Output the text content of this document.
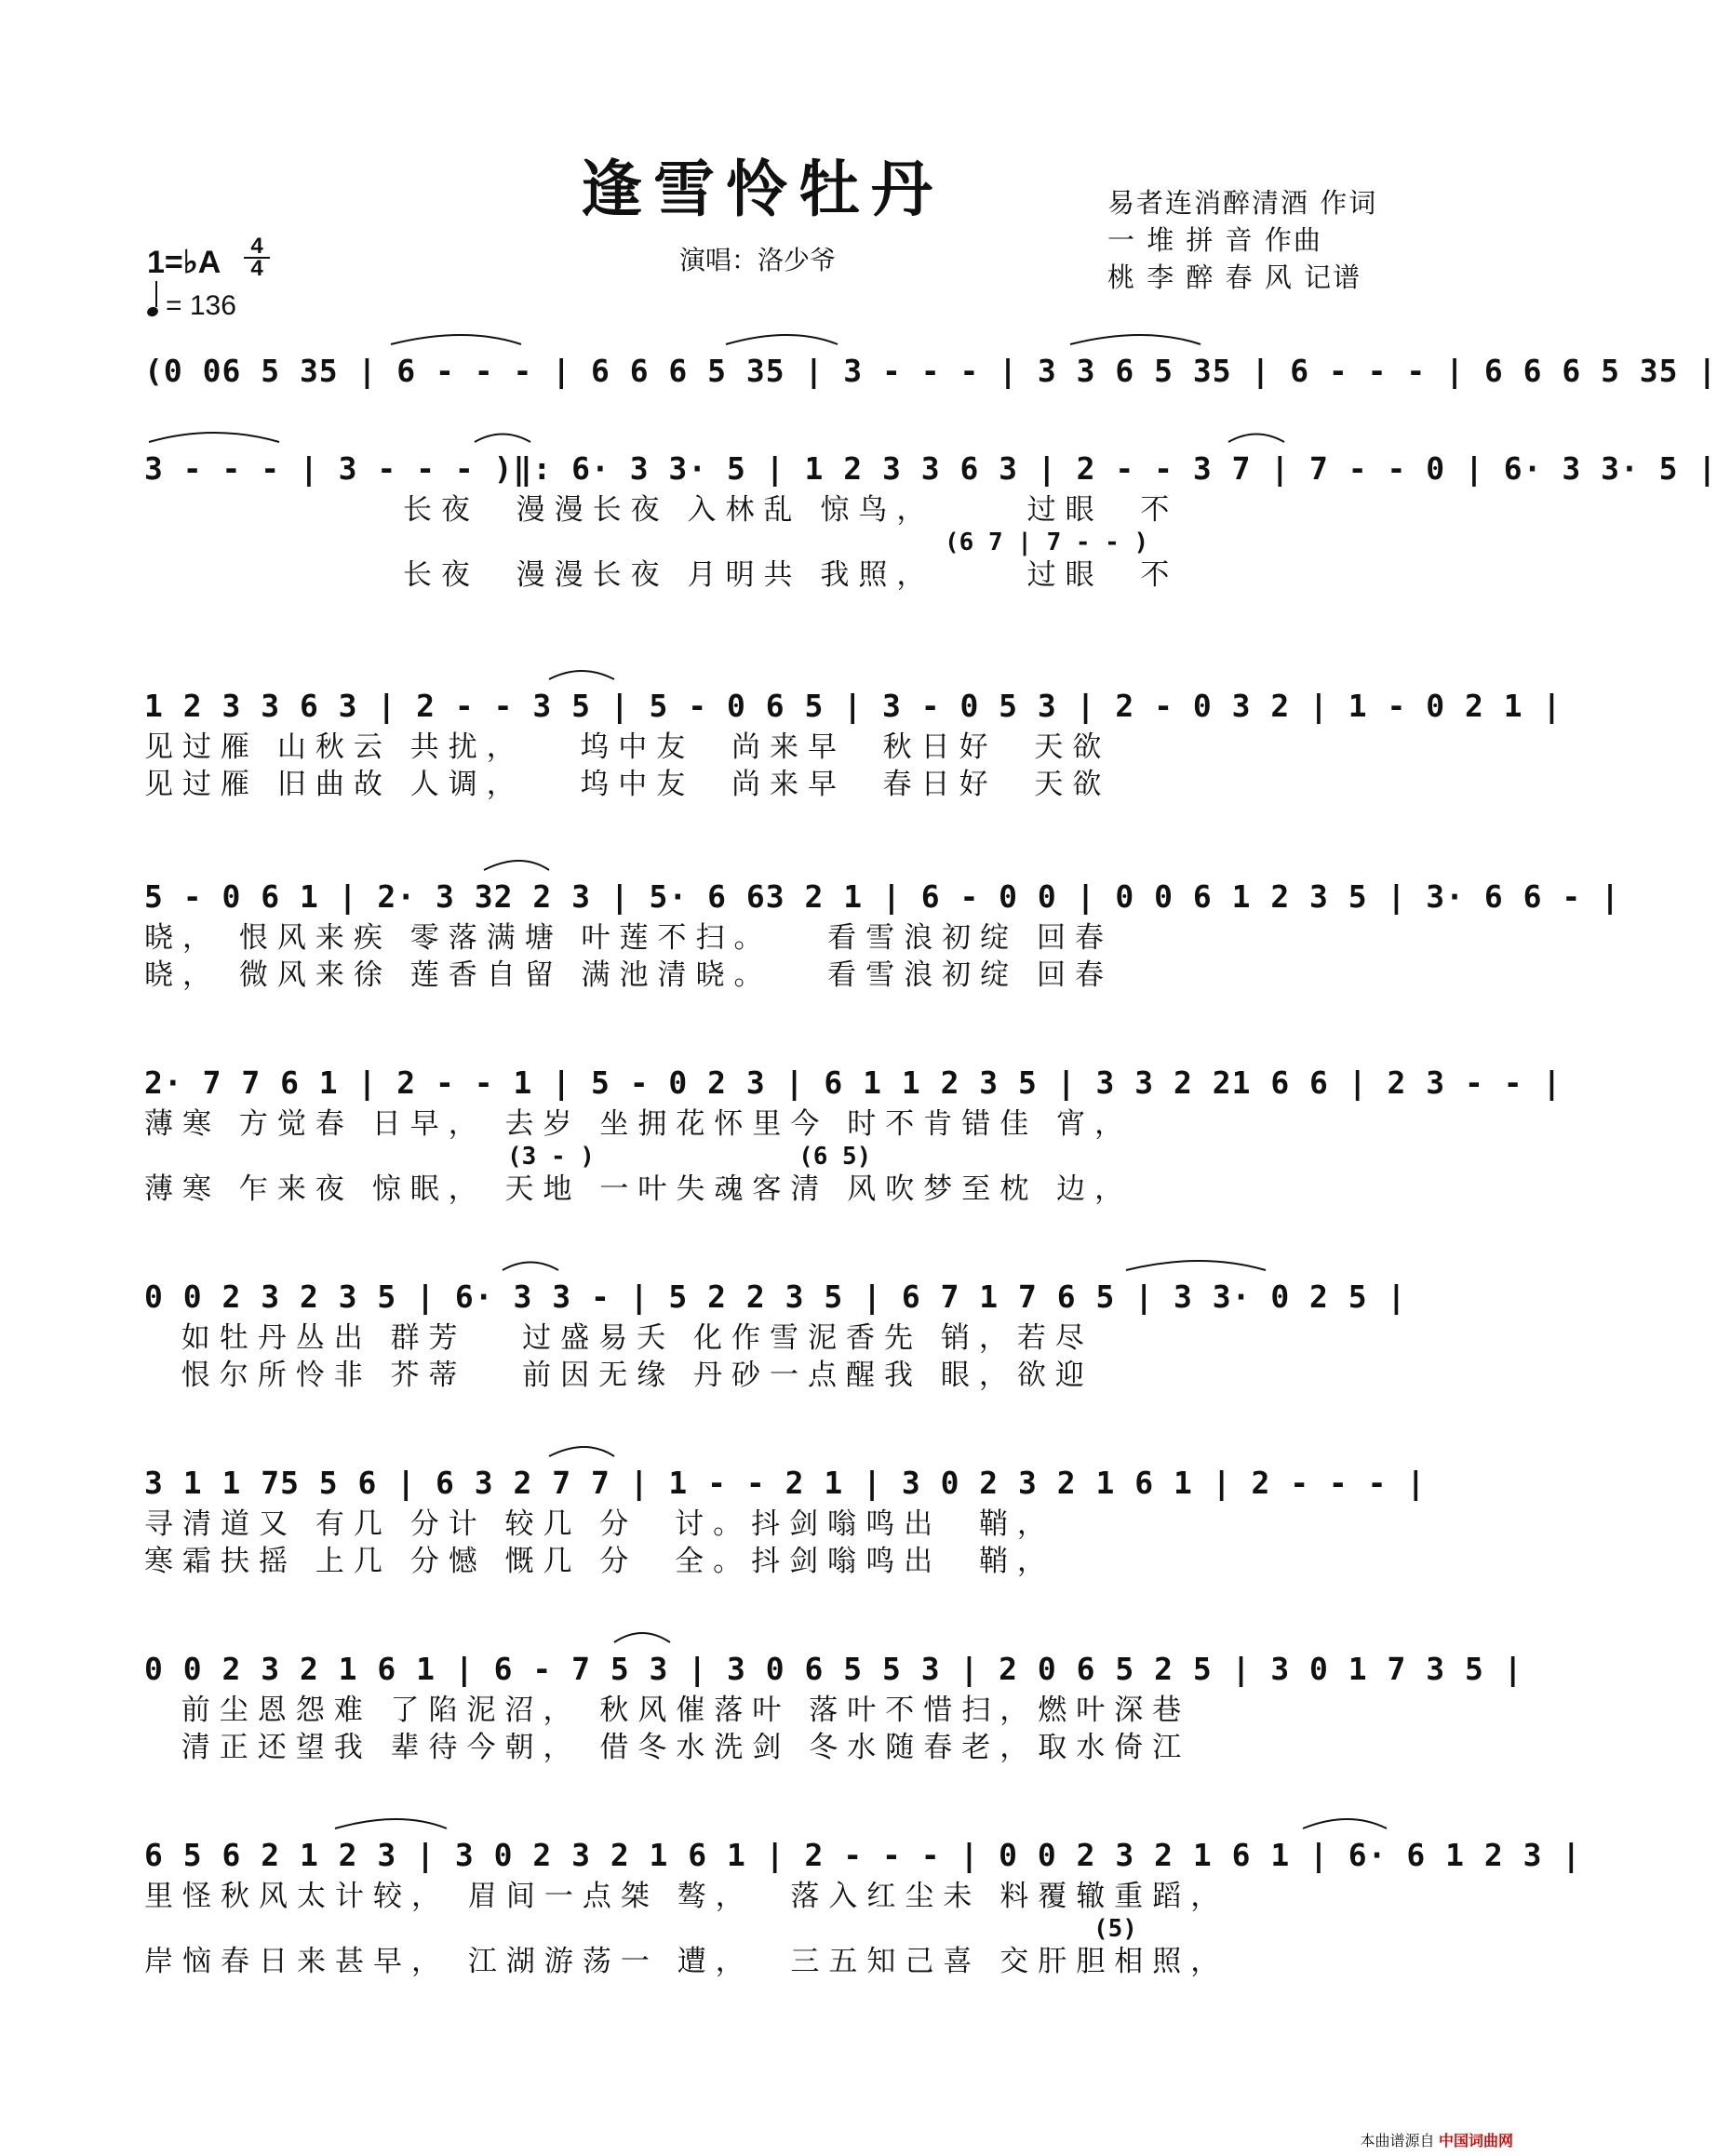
逢雪怜牡丹	易者连消醉清酒 作词
一 堆 拼 音 作曲
桃 李 醉 春 风 记谱
演唱：洛少爷
1=♭A	4
4
= 136
(0 06 5 35 | 6 - - - | 6 6 6 5 35 | 3 - - - | 3 3 6 5 35 | 6 - - - | 6 6 6 5 35 |
3 - - - | 3 - - - )‖: 6· 3 3· 5 | 1 2 3 3 6 3 | 2 - - 3 7 | 7 - - 0 | 6· 3 3· 5 |
长夜  漫漫长夜 入林乱 惊鸟，     过眼  不
(6 7 | 7 - - )
长夜  漫漫长夜 月明共 我照，     过眼  不
1 2 3 3 6 3 | 2 - - 3 5 | 5 - 0 6 5 | 3 - 0 5 3 | 2 - 0 3 2 | 1 - 0 2 1 |
见过雁 山秋云 共扰，   坞中友  尚来早  秋日好  天欲
见过雁 旧曲故 人调，   坞中友  尚来早  春日好  天欲
5 - 0 6 1 | 2· 3 32 2 3 | 5· 6 63 2 1 | 6 - 0 0 | 0 0 6 1 2 3 5 | 3· 6 6 - |
晓， 恨风来疾 零落满塘 叶莲不扫。   看雪浪初绽 回春
晓， 微风来徐 莲香自留 满池清晓。   看雪浪初绽 回春
2· 7 7 6 1 | 2 - - 1 | 5 - 0 2 3 | 6 1 1 2 3 5 | 3 3 2 21 6 6 | 2 3 - - |
薄寒 方觉春 日早， 去岁 坐拥花怀里今 时不肯错佳 宵，
(3 - )              (6 5)
薄寒 乍来夜 惊眠， 天地 一叶失魂客清 风吹梦至枕 边，
0 0 2 3 2 3 5 | 6· 3 3 - | 5 2 2 3 5 | 6 7 1 7 6 5 | 3 3· 0 2 5 |
如牡丹丛出 群芳   过盛易夭 化作雪泥香先 销，若尽
恨尔所怜非 芥蒂   前因无缘 丹砂一点醒我 眼，欲迎
3 1 1 75 5 6 | 6 3 2 7 7 | 1 - - 2 1 | 3 0 2 3 2 1 6 1 | 2 - - - |
寻清道又 有几 分计 较几 分  讨。抖剑嗡鸣出  鞘，
寒霜扶摇 上几 分憾 慨几 分  全。抖剑嗡鸣出  鞘，
0 0 2 3 2 1 6 1 | 6 - 7 5 3 | 3 0 6 5 5 3 | 2 0 6 5 2 5 | 3 0 1 7 3 5 |
前尘恩怨难 了陷泥沼， 秋风催落叶 落叶不惜扫，燃叶深巷
清正还望我 辈待今朝， 借冬水洗剑 冬水随春老，取水倚江
6 5 6 2 1 2 3 | 3 0 2 3 2 1 6 1 | 2 - - - | 0 0 2 3 2 1 6 1 | 6· 6 1 2 3 |
里怪秋风太计较， 眉间一点桀 骜，  落入红尘未 料覆辙重蹈，
(5)
岸恼春日来甚早， 江湖游荡一 遭，  三五知己喜 交肝胆相照，
本曲谱源自 中国词曲网
